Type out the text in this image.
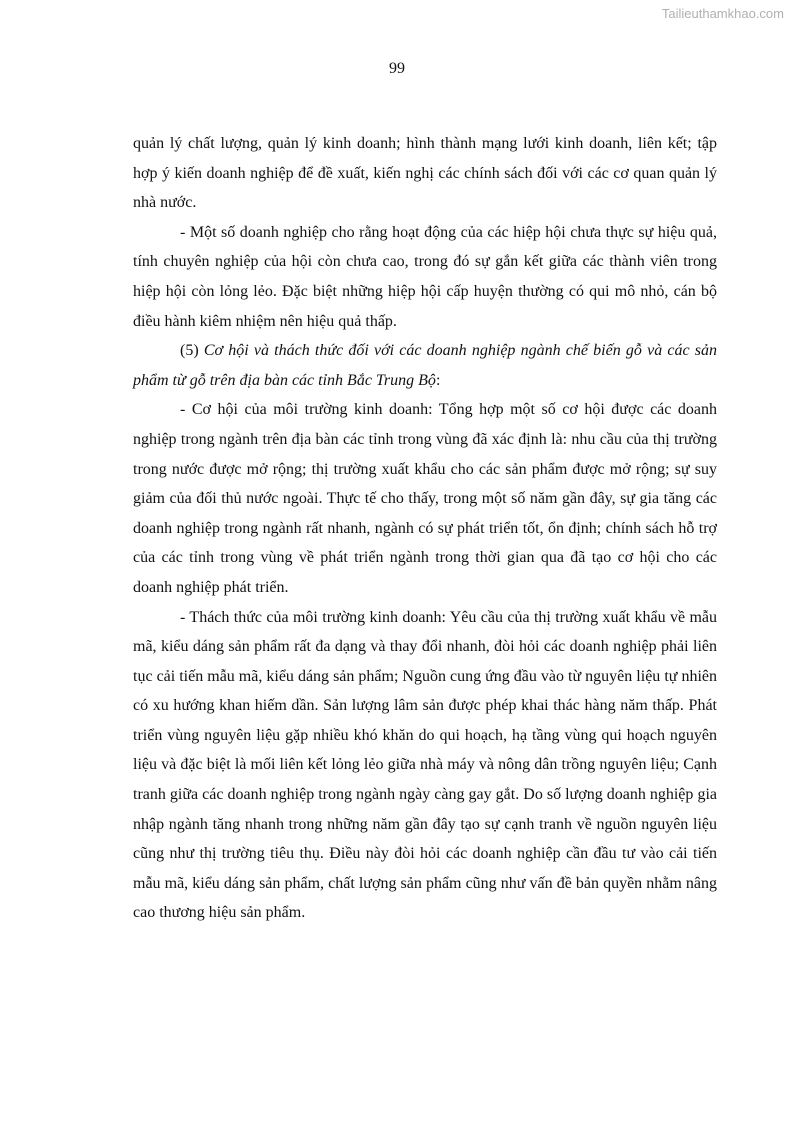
Tailieuthamkhao.com
99

quản lý chất lượng, quản lý kinh doanh; hình thành mạng lưới kinh doanh, liên kết; tập hợp ý kiến doanh nghiệp để đề xuất, kiến nghị các chính sách đối với các cơ quan quản lý nhà nước.

- Một số doanh nghiệp cho rằng hoạt động của các hiệp hội chưa thực sự hiệu quả, tính chuyên nghiệp của hội còn chưa cao, trong đó sự gắn kết giữa các thành viên trong hiệp hội còn lỏng lẻo. Đặc biệt những hiệp hội cấp huyện thường có qui mô nhỏ, cán bộ điều hành kiêm nhiệm nên hiệu quả thấp.

(5) Cơ hội và thách thức đối với các doanh nghiệp ngành chế biến gỗ và các sản phẩm từ gỗ trên địa bàn các tỉnh Bắc Trung Bộ:

- Cơ hội của môi trường kinh doanh: Tổng hợp một số cơ hội được các doanh nghiệp trong ngành trên địa bàn các tỉnh trong vùng đã xác định là: nhu cầu của thị trường trong nước được mở rộng; thị trường xuất khẩu cho các sản phẩm được mở rộng; sự suy giảm của đối thủ nước ngoài. Thực tế cho thấy, trong một số năm gần đây, sự gia tăng các doanh nghiệp trong ngành rất nhanh, ngành có sự phát triển tốt, ổn định; chính sách hỗ trợ của các tỉnh trong vùng về phát triển ngành trong thời gian qua đã tạo cơ hội cho các doanh nghiệp phát triển.

- Thách thức của môi trường kinh doanh: Yêu cầu của thị trường xuất khẩu về mẫu mã, kiểu dáng sản phẩm rất đa dạng và thay đổi nhanh, đòi hỏi các doanh nghiệp phải liên tục cải tiến mẫu mã, kiểu dáng sản phẩm; Nguồn cung ứng đầu vào từ nguyên liệu tự nhiên có xu hướng khan hiếm dần. Sản lượng lâm sản được phép khai thác hàng năm thấp. Phát triển vùng nguyên liệu gặp nhiều khó khăn do qui hoạch, hạ tầng vùng qui hoạch nguyên liệu và đặc biệt là mối liên kết lỏng lẻo giữa nhà máy và nông dân trồng nguyên liệu; Cạnh tranh giữa các doanh nghiệp trong ngành ngày càng gay gắt. Do số lượng doanh nghiệp gia nhập ngành tăng nhanh trong những năm gần đây tạo sự cạnh tranh về nguồn nguyên liệu cũng như thị trường tiêu thụ. Điều này đòi hỏi các doanh nghiệp cần đầu tư vào cải tiến mẫu mã, kiểu dáng sản phẩm, chất lượng sản phẩm cũng như vấn đề bản quyền nhằm nâng cao thương hiệu sản phẩm.
